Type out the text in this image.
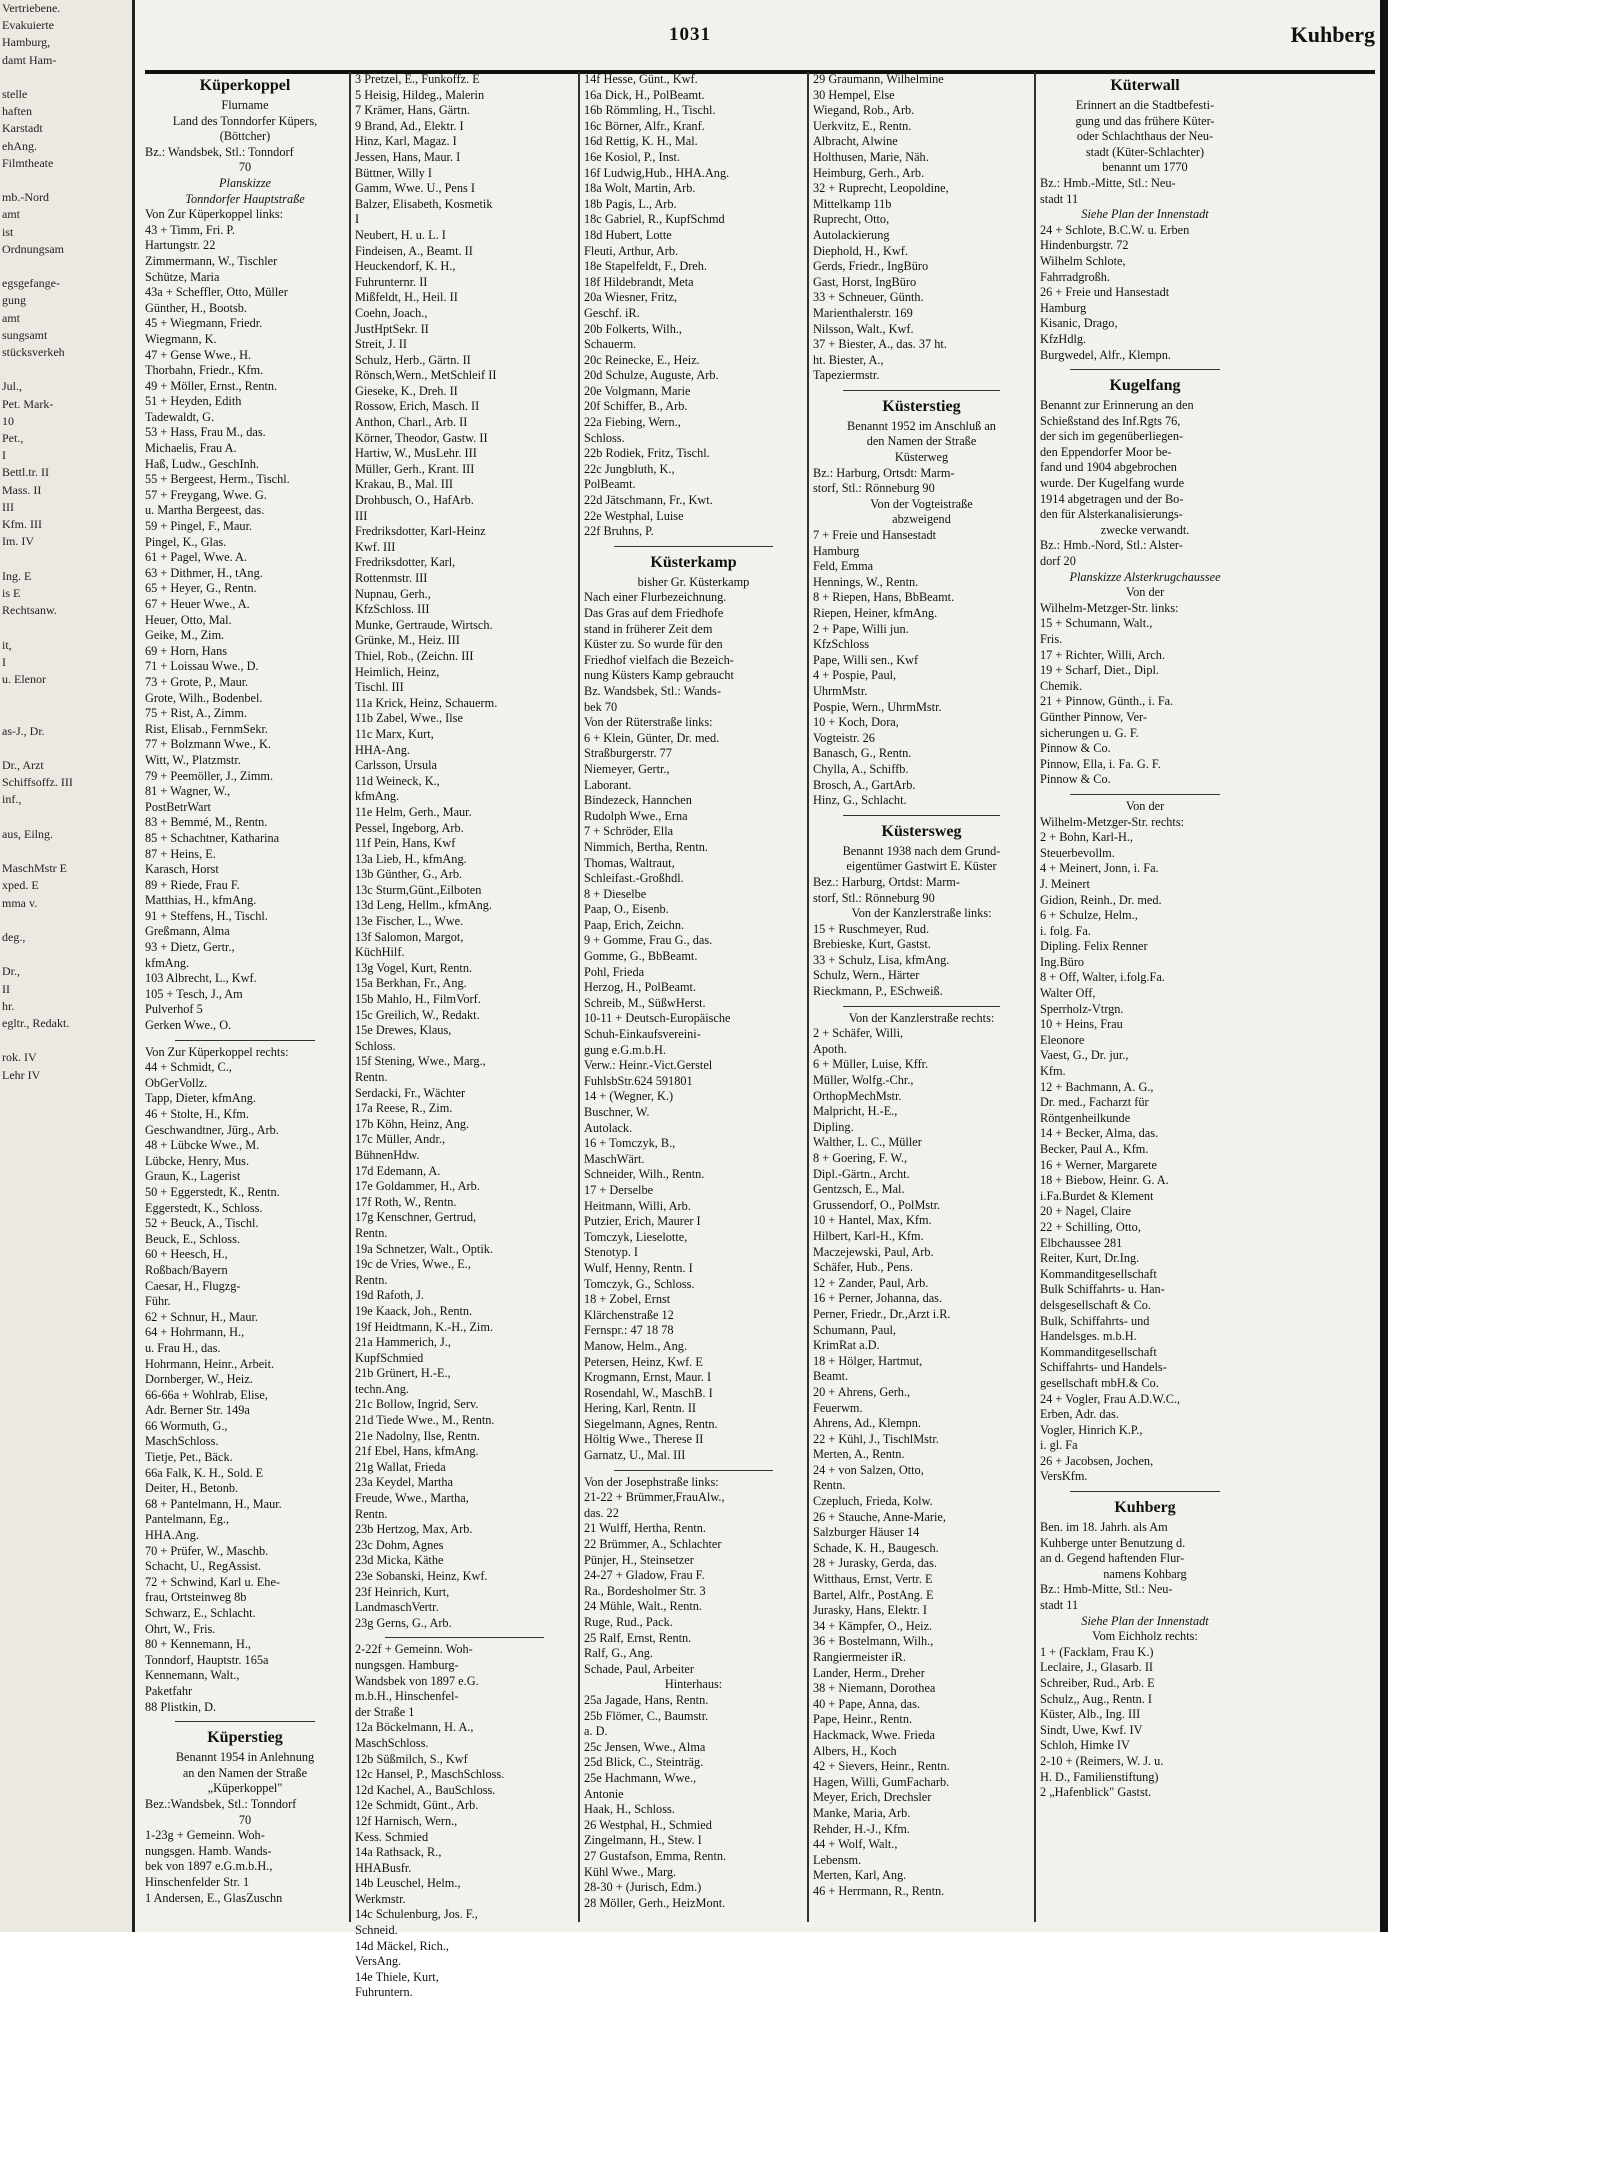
Vertriebene.
Evakuierte
Hamburg,
damt Ham-

stelle
haften
Karstadt
ehAng.
Filmtheate

mb.-Nord
amt
ist
Ordnungsam

egsgefange-
gung
amt
sungsamt
stücksverkeh

Jul.,
Pet. Mark-
10
Pet.,
I
Bettl.tr. II
Mass. II
III
Kfm. III
Im. IV

Ing. E
is E
Rechtsanw.

it,
I
u. Elenor

as-J., Dr.

Dr., Arzt
Schiffsoffz. III
inf.,

aus, Eilng.

MaschMstr E
xped. E
mma v.

deg.,

Dr.,
II
hr.
egltr., Redakt.

rok. IV
Lehr IV
1031	Kuhberg
Küperkoppel
Flurname
Land des Tonndorfer Küpers,
(Böttcher)
Bz.: Wandsbek, Stl.: Tonndorf
70
Planskizze
Tonndorfer Hauptstraße
Von Zur Küperkoppel links:
43 + Timm, Fri. P.
Hartungstr. 22
Zimmermann, W., Tischler
Schütze, Maria
43a + Scheffler, Otto, Müller
Günther, H., Bootsb.
45 + Wiegmann, Friedr.
Wiegmann, K.
47 + Gense Wwe., H.
Thorbahn, Friedr., Kfm.
49 + Möller, Ernst., Rentn.
51 + Heyden, Edith
Tadewaldt, G.
53 + Hass, Frau M., das.
Michaelis, Frau A.
Haß, Ludw., GeschInh.
55 + Bergeest, Herm., Tischl.
57 + Freygang, Wwe. G.
u. Martha Bergeest, das.
59 + Pingel, F., Maur.
Pingel, K., Glas.
61 + Pagel, Wwe. A.
63 + Dithmer, H., tAng.
65 + Heyer, G., Rentn.
67 + Heuer Wwe., A.
Heuer, Otto, Mal.
Geike, M., Zim.
69 + Horn, Hans
71 + Loissau Wwe., D.
73 + Grote, P., Maur.
Grote, Wilh., Bodenbel.
75 + Rist, A., Zimm.
Rist, Elisab., FernmSekr.
77 + Bolzmann Wwe., K.
Witt, W., Platzmstr.
79 + Peemöller, J., Zimm.
81 + Wagner, W.,
PostBetrWart
83 + Bemmé, M., Rentn.
85 + Schachtner, Katharina
87 + Heins, E.
Karasch, Horst
89 + Riede, Frau F.
Matthias, H., kfmAng.
91 + Steffens, H., Tischl.
Greßmann, Alma
93 + Dietz, Gertr.,
kfmAng.
103 Albrecht, L., Kwf.
105 + Tesch, J., Am
Pulverhof 5
Gerken Wwe., O.
Von Zur Küperkoppel rechts:
44 + Schmidt, C.,
ObGerVollz.
Tapp, Dieter, kfmAng.
46 + Stolte, H., Kfm.
Geschwandtner, Jürg., Arb.
48 + Lübcke Wwe., M.
Lübcke, Henry, Mus.
Graun, K., Lagerist
50 + Eggerstedt, K., Rentn.
Eggerstedt, K., Schloss.
52 + Beuck, A., Tischl.
Beuck, E., Schloss.
60 + Heesch, H.,
Roßbach/Bayern
Caesar, H., Flugzg-
Führ.
62 + Schnur, H., Maur.
64 + Hohrmann, H.,
u. Frau H., das.
Hohrmann, Heinr., Arbeit.
Dornberger, W., Heiz.
66-66a + Wohlrab, Elise,
Adr. Berner Str. 149a
66 Wormuth, G.,
MaschSchloss.
Tietje, Pet., Bäck.
66a Falk, K. H., Sold. E
Deiter, H., Betonb.
68 + Pantelmann, H., Maur.
Pantelmann, Eg.,
HHA.Ang.
70 + Prüfer, W., Maschb.
Schacht, U., RegAssist.
72 + Schwind, Karl u. Ehe-
frau, Ortsteinweg 8b
Schwarz, E., Schlacht.
Ohrt, W., Fris.
80 + Kennemann, H.,
Tonndorf, Hauptstr. 165a
Kennemann, Walt.,
Paketfahr
88 Plistkin, D.
Küperstieg
Benannt 1954 in Anlehnung
an den Namen der Straße
„Küperkoppel"
Bez.:Wandsbek, Stl.: Tonndorf
70
1-23g + Gemeinn. Woh-
nungsgen. Hamb. Wands-
bek von 1897 e.G.m.b.H.,
Hinschenfelder Str. 1
1 Andersen, E., GlasZuschn
3 Pretzel, E., Funkoffz. E
5 Heisig, Hildeg., Malerin
7 Krämer, Hans, Gärtn.
9 Brand, Ad., Elektr. I
Hinz, Karl, Magaz. I
Jessen, Hans, Maur. I
Büttner, Willy I
Gamm, Wwe. U., Pens I
Balzer, Elisabeth, Kosmetik
I
Neubert, H. u. L. I
Findeisen, A., Beamt. II
Heuckendorf, K. H.,
Fuhrunternr. II
Mißfeldt, H., Heil. II
Coehn, Joach.,
JustHptSekr. II
Streit, J. II
Schulz, Herb., Gärtn. II
Rönsch,Wern., MetSchleif II
Gieseke, K., Dreh. II
Rossow, Erich, Masch. II
Anthon, Charl., Arb. II
Körner, Theodor, Gastw. II
Hartiw, W., MusLehr. III
Müller, Gerh., Krant. III
Krakau, B., Mal. III
Drohbusch, O., HafArb.
III
Fredriksdotter, Karl-Heinz
Kwf. III
Fredriksdotter, Karl,
Rottenmstr. III
Nupnau, Gerh.,
KfzSchloss. III
Munke, Gertraude, Wirtsch.
Grünke, M., Heiz. III
Thiel, Rob., (Zeichn. III
Heimlich, Heinz,
Tischl. III
11a Krick, Heinz, Schauerm.
11b Zabel, Wwe., Ilse
11c Marx, Kurt,
HHA-Ang.
Carlsson, Ursula
11d Weineck, K.,
kfmAng.
11e Helm, Gerh., Maur.
Pessel, Ingeborg, Arb.
11f Pein, Hans, Kwf
13a Lieb, H., kfmAng.
13b Günther, G., Arb.
13c Sturm,Günt.,Eilboten
13d Leng, Hellm., kfmAng.
13e Fischer, L., Wwe.
13f Salomon, Margot,
KüchHilf.
13g Vogel, Kurt, Rentn.
15a Berkhan, Fr., Ang.
15b Mahlo, H., FilmVorf.
15c Greilich, W., Redakt.
15e Drewes, Klaus,
Schloss.
15f Stening, Wwe., Marg.,
Rentn.
Serdacki, Fr., Wächter
17a Reese, R., Zim.
17b Köhn, Heinz, Ang.
17c Müller, Andr.,
BühnenHdw.
17d Edemann, A.
17e Goldammer, H., Arb.
17f Roth, W., Rentn.
17g Kenschner, Gertrud,
Rentn.
19a Schnetzer, Walt., Optik.
19c de Vries, Wwe., E.,
Rentn.
19d Rafoth, J.
19e Kaack, Joh., Rentn.
19f Heidtmann, K.-H., Zim.
21a Hammerich, J.,
KupfSchmied
21b Grünert, H.-E.,
techn.Ang.
21c Bollow, Ingrid, Serv.
21d Tiede Wwe., M., Rentn.
21e Nadolny, Ilse, Rentn.
21f Ebel, Hans, kfmAng.
21g Wallat, Frieda
23a Keydel, Martha
Freude, Wwe., Martha,
Rentn.
23b Hertzog, Max, Arb.
23c Dohm, Agnes
23d Micka, Käthe
23e Sobanski, Heinz, Kwf.
23f Heinrich, Kurt,
LandmaschVertr.
23g Gerns, G., Arb.
2-22f + Gemeinn. Woh-
nungsgen. Hamburg-
Wandsbek von 1897 e.G.
m.b.H., Hinschenfel-
der Straße 1
12a Böckelmann, H. A.,
MaschSchloss.
12b Süßmilch, S., Kwf
12c Hansel, P., MaschSchloss.
12d Kachel, A., BauSchloss.
12e Schmidt, Günt., Arb.
12f Harnisch, Wern.,
Kess. Schmied
14a Rathsack, R.,
HHABusfr.
14b Leuschel, Helm.,
Werkmstr.
14c Schulenburg, Jos. F.,
Schneid.
14d Mäckel, Rich.,
VersAng.
14e Thiele, Kurt,
Fuhruntern.
14f Hesse, Günt., Kwf.
16a Dick, H., PolBeamt.
16b Römmling, H., Tischl.
16c Börner, Alfr., Kranf.
16d Rettig, K. H., Mal.
16e Kosiol, P., Inst.
16f Ludwig,Hub., HHA.Ang.
18a Wolt, Martin, Arb.
18b Pagis, L., Arb.
18c Gabriel, R., KupfSchmd
18d Hubert, Lotte
Fleuti, Arthur, Arb.
18e Stapelfeldt, F., Dreh.
18f Hildebrandt, Meta
20a Wiesner, Fritz,
Geschf. iR.
20b Folkerts, Wilh.,
Schauerm.
20c Reinecke, E., Heiz.
20d Schulze, Auguste, Arb.
20e Volgmann, Marie
20f Schiffer, B., Arb.
22a Fiebing, Wern.,
Schloss.
22b Rodiek, Fritz, Tischl.
22c Jungbluth, K.,
PolBeamt.
22d Jätschmann, Fr., Kwt.
22e Westphal, Luise
22f Bruhns, P.
Küsterkamp
bisher Gr. Küsterkamp
Nach einer Flurbezeichnung.
Das Gras auf dem Friedhofe
stand in früherer Zeit dem
Küster zu. So wurde für den
Friedhof vielfach die Bezeich-
nung Küsters Kamp gebraucht
Bz. Wandsbek, Stl.: Wands-
bek 70
Von der Rüterstraße links:
6 + Klein, Günter, Dr. med.
Straßburgerstr. 77
Niemeyer, Gertr.,
Laborant.
Bindezeck, Hannchen
Rudolph Wwe., Erna
7 + Schröder, Ella
Nimmich, Bertha, Rentn.
Thomas, Waltraut,
Schleifast.-Großhdl.
8 + Dieselbe
Paap, O., Eisenb.
Paap, Erich, Zeichn.
9 + Gomme, Frau G., das.
Gomme, G., BbBeamt.
Pohl, Frieda
Herzog, H., PolBeamt.
Schreib, M., SüßwHerst.
10-11 + Deutsch-Europäische
Schuh-Einkaufsvereini-
gung e.G.m.b.H.
Verw.: Heinr.-Vict.Gerstel
FuhlsbStr.624 591801
14 + (Wegner, K.)
Buschner, W.
Autolack.
16 + Tomczyk, B.,
MaschWärt.
Schneider, Wilh., Rentn.
17 + Derselbe
Heitmann, Willi, Arb.
Putzier, Erich, Maurer I
Tomczyk, Lieselotte,
Stenotyp. I
Wulf, Henny, Rentn. I
Tomczyk, G., Schloss.
18 + Zobel, Ernst
Klärchenstraße 12
Fernspr.: 47 18 78
Manow, Helm., Ang.
Petersen, Heinz, Kwf. E
Krogmann, Ernst, Maur. I
Rosendahl, W., MaschB. I
Hering, Karl, Rentn. II
Siegelmann, Agnes, Rentn.
Höltig Wwe., Therese II
Garnatz, U., Mal. III
Von der Josephstraße links:
21-22 + Brümmer,FrauAlw.,
das. 22
21 Wulff, Hertha, Rentn.
22 Brümmer, A., Schlachter
Pünjer, H., Steinsetzer
24-27 + Gladow, Frau F.
Ra., Bordesholmer Str. 3
24 Mühle, Walt., Rentn.
Ruge, Rud., Pack.
25 Ralf, Ernst, Rentn.
Ralf, G., Ang.
Schade, Paul, Arbeiter
Hinterhaus:
25a Jagade, Hans, Rentn.
25b Flömer, C., Baumstr.
a. D.
25c Jensen, Wwe., Alma
25d Blick, C., Steinträg.
25e Hachmann, Wwe.,
Antonie
Haak, H., Schloss.
26 Westphal, H., Schmied
Zingelmann, H., Stew. I
27 Gustafson, Emma, Rentn.
Kühl Wwe., Marg.
28-30 + (Jurisch, Edm.)
28 Möller, Gerh., HeizMont.
29 Graumann, Wilhelmine
30 Hempel, Else
Wiegand, Rob., Arb.
Uerkvitz, E., Rentn.
Albracht, Alwine
Holthusen, Marie, Näh.
Heimburg, Gerh., Arb.
32 + Ruprecht, Leopoldine,
Mittelkamp 11b
Ruprecht, Otto,
Autolackierung
Diephold, H., Kwf.
Gerds, Friedr., IngBüro
Gast, Horst, IngBüro
33 + Schneuer, Günth.
Marienthalerstr. 169
Nilsson, Walt., Kwf.
37 + Biester, A., das. 37 ht.
ht. Biester, A.,
Tapeziermstr.
Küsterstieg
Benannt 1952 im Anschluß an
den Namen der Straße
Küsterweg
Bz.: Harburg, Ortsdt: Marm-
storf, Stl.: Rönneburg 90
Von der Vogteistraße
abzweigend
7 + Freie und Hansestadt
Hamburg
Feld, Emma
Hennings, W., Rentn.
8 + Riepen, Hans, BbBeamt.
Riepen, Heiner, kfmAng.
2 + Pape, Willi jun.
KfzSchloss
Pape, Willi sen., Kwf
4 + Pospie, Paul,
UhrmMstr.
Pospie, Wern., UhrmMstr.
10 + Koch, Dora,
Vogteistr. 26
Banasch, G., Rentn.
Chylla, A., Schiffb.
Brosch, A., GartArb.
Hinz, G., Schlacht.
Küstersweg
Benannt 1938 nach dem Grund-
eigentümer Gastwirt E. Küster
Bez.: Harburg, Ortdst: Marm-
storf, Stl.: Rönneburg 90
Von der Kanzlerstraße links:
15 + Ruschmeyer, Rud.
Brebieske, Kurt, Gastst.
33 + Schulz, Lisa, kfmAng.
Schulz, Wern., Härter
Rieckmann, P., ESchweiß.
Von der Kanzlerstraße rechts:
2 + Schäfer, Willi,
Apoth.
6 + Müller, Luise, Kffr.
Müller, Wolfg.-Chr.,
OrthopMechMstr.
Malpricht, H.-E.,
Dipling.
Walther, L. C., Müller
8 + Goering, F. W.,
Dipl.-Gärtn., Archt.
Gentzsch, E., Mal.
Grussendorf, O., PolMstr.
10 + Hantel, Max, Kfm.
Hilbert, Karl-H., Kfm.
Maczejewski, Paul, Arb.
Schäfer, Hub., Pens.
12 + Zander, Paul, Arb.
16 + Perner, Johanna, das.
Perner, Friedr., Dr.,Arzt i.R.
Schumann, Paul,
KrimRat a.D.
18 + Hölger, Hartmut,
Beamt.
20 + Ahrens, Gerh.,
Feuerwm.
Ahrens, Ad., Klempn.
22 + Kühl, J., TischlMstr.
Merten, A., Rentn.
24 + von Salzen, Otto,
Rentn.
Czepluch, Frieda, Kolw.
26 + Stauche, Anne-Marie,
Salzburger Häuser 14
Schade, K. H., Baugesch.
28 + Jurasky, Gerda, das.
Witthaus, Ernst, Vertr. E
Bartel, Alfr., PostAng. E
Jurasky, Hans, Elektr. I
34 + Kämpfer, O., Heiz.
36 + Bostelmann, Wilh.,
Rangiermeister iR.
Lander, Herm., Dreher
38 + Niemann, Dorothea
40 + Pape, Anna, das.
Pape, Heinr., Rentn.
Hackmack, Wwe. Frieda
Albers, H., Koch
42 + Sievers, Heinr., Rentn.
Hagen, Willi, GumFacharb.
Meyer, Erich, Drechsler
Manke, Maria, Arb.
Rehder, H.-J., Kfm.
44 + Wolf, Walt.,
Lebensm.
Merten, Karl, Ang.
46 + Herrmann, R., Rentn.
Küterwall
Erinnert an die Stadtbefesti-
gung und das frühere Küter-
oder Schlachthaus der Neu-
stadt (Küter-Schlachter)
benannt um 1770
Bz.: Hmb.-Mitte, Stl.: Neu-
stadt 11
Siehe Plan der Innenstadt
24 + Schlote, B.C.W. u. Erben
Hindenburgstr. 72
Wilhelm Schlote,
Fahrradgroßh.
26 + Freie und Hansestadt
Hamburg
Kisanic, Drago,
KfzHdlg.
Burgwedel, Alfr., Klempn.
Kugelfang
Benannt zur Erinnerung an den
Schießstand des Inf.Rgts 76,
der sich im gegenüberliegen-
den Eppendorfer Moor be-
fand und 1904 abgebrochen
wurde. Der Kugelfang wurde
1914 abgetragen und der Bo-
den für Alsterkanalisierungs-
zwecke verwandt.
Bz.: Hmb.-Nord, Stl.: Alster-
dorf 20
Planskizze Alsterkrugchaussee
Von der
Wilhelm-Metzger-Str. links:
15 + Schumann, Walt.,
Fris.
17 + Richter, Willi, Arch.
19 + Scharf, Diet., Dipl.
Chemik.
21 + Pinnow, Günth., i. Fa.
Günther Pinnow, Ver-
sicherungen u. G. F.
Pinnow & Co.
Pinnow, Ella, i. Fa. G. F.
Pinnow & Co.
Von der
Wilhelm-Metzger-Str. rechts:
2 + Bohn, Karl-H.,
Steuerbevollm.
4 + Meinert, Jonn, i. Fa.
J. Meinert
Gidion, Reinh., Dr. med.
6 + Schulze, Helm.,
i. folg. Fa.
Dipling. Felix Renner
Ing.Büro
8 + Off, Walter, i.folg.Fa.
Walter Off,
Sperrholz-Vtrgn.
10 + Heins, Frau
Eleonore
Vaest, G., Dr. jur.,
Kfm.
12 + Bachmann, A. G.,
Dr. med., Facharzt für
Röntgenheilkunde
14 + Becker, Alma, das.
Becker, Paul A., Kfm.
16 + Werner, Margarete
18 + Biebow, Heinr. G. A.
i.Fa.Burdet & Klement
20 + Nagel, Claire
22 + Schilling, Otto,
Elbchaussee 281
Reiter, Kurt, Dr.Ing.
Kommanditgesellschaft
Bulk Schiffahrts- u. Han-
delsgesellschaft & Co.
Bulk, Schiffahrts- und
Handelsges. m.b.H.
Kommanditgesellschaft
Schiffahrts- und Handels-
gesellschaft mbH.& Co.
24 + Vogler, Frau A.D.W.C.,
Erben, Adr. das.
Vogler, Hinrich K.P.,
i. gl. Fa
26 + Jacobsen, Jochen,
VersKfm.
Kuhberg
Ben. im 18. Jahrh. als Am
Kuhberge unter Benutzung d.
an d. Gegend haftenden Flur-
namens Kohbarg
Bz.: Hmb-Mitte, Stl.: Neu-
stadt 11
Siehe Plan der Innenstadt
Vom Eichholz rechts:
1 + (Facklam, Frau K.)
Leclaire, J., Glasarb. II
Schreiber, Rud., Arb. E
Schulz,, Aug., Rentn. I
Küster, Alb., Ing. III
Sindt, Uwe, Kwf. IV
Schloh, Himke IV
2-10 + (Reimers, W. J. u.
H. D., Familienstiftung)
2 „Hafenblick" Gastst.
